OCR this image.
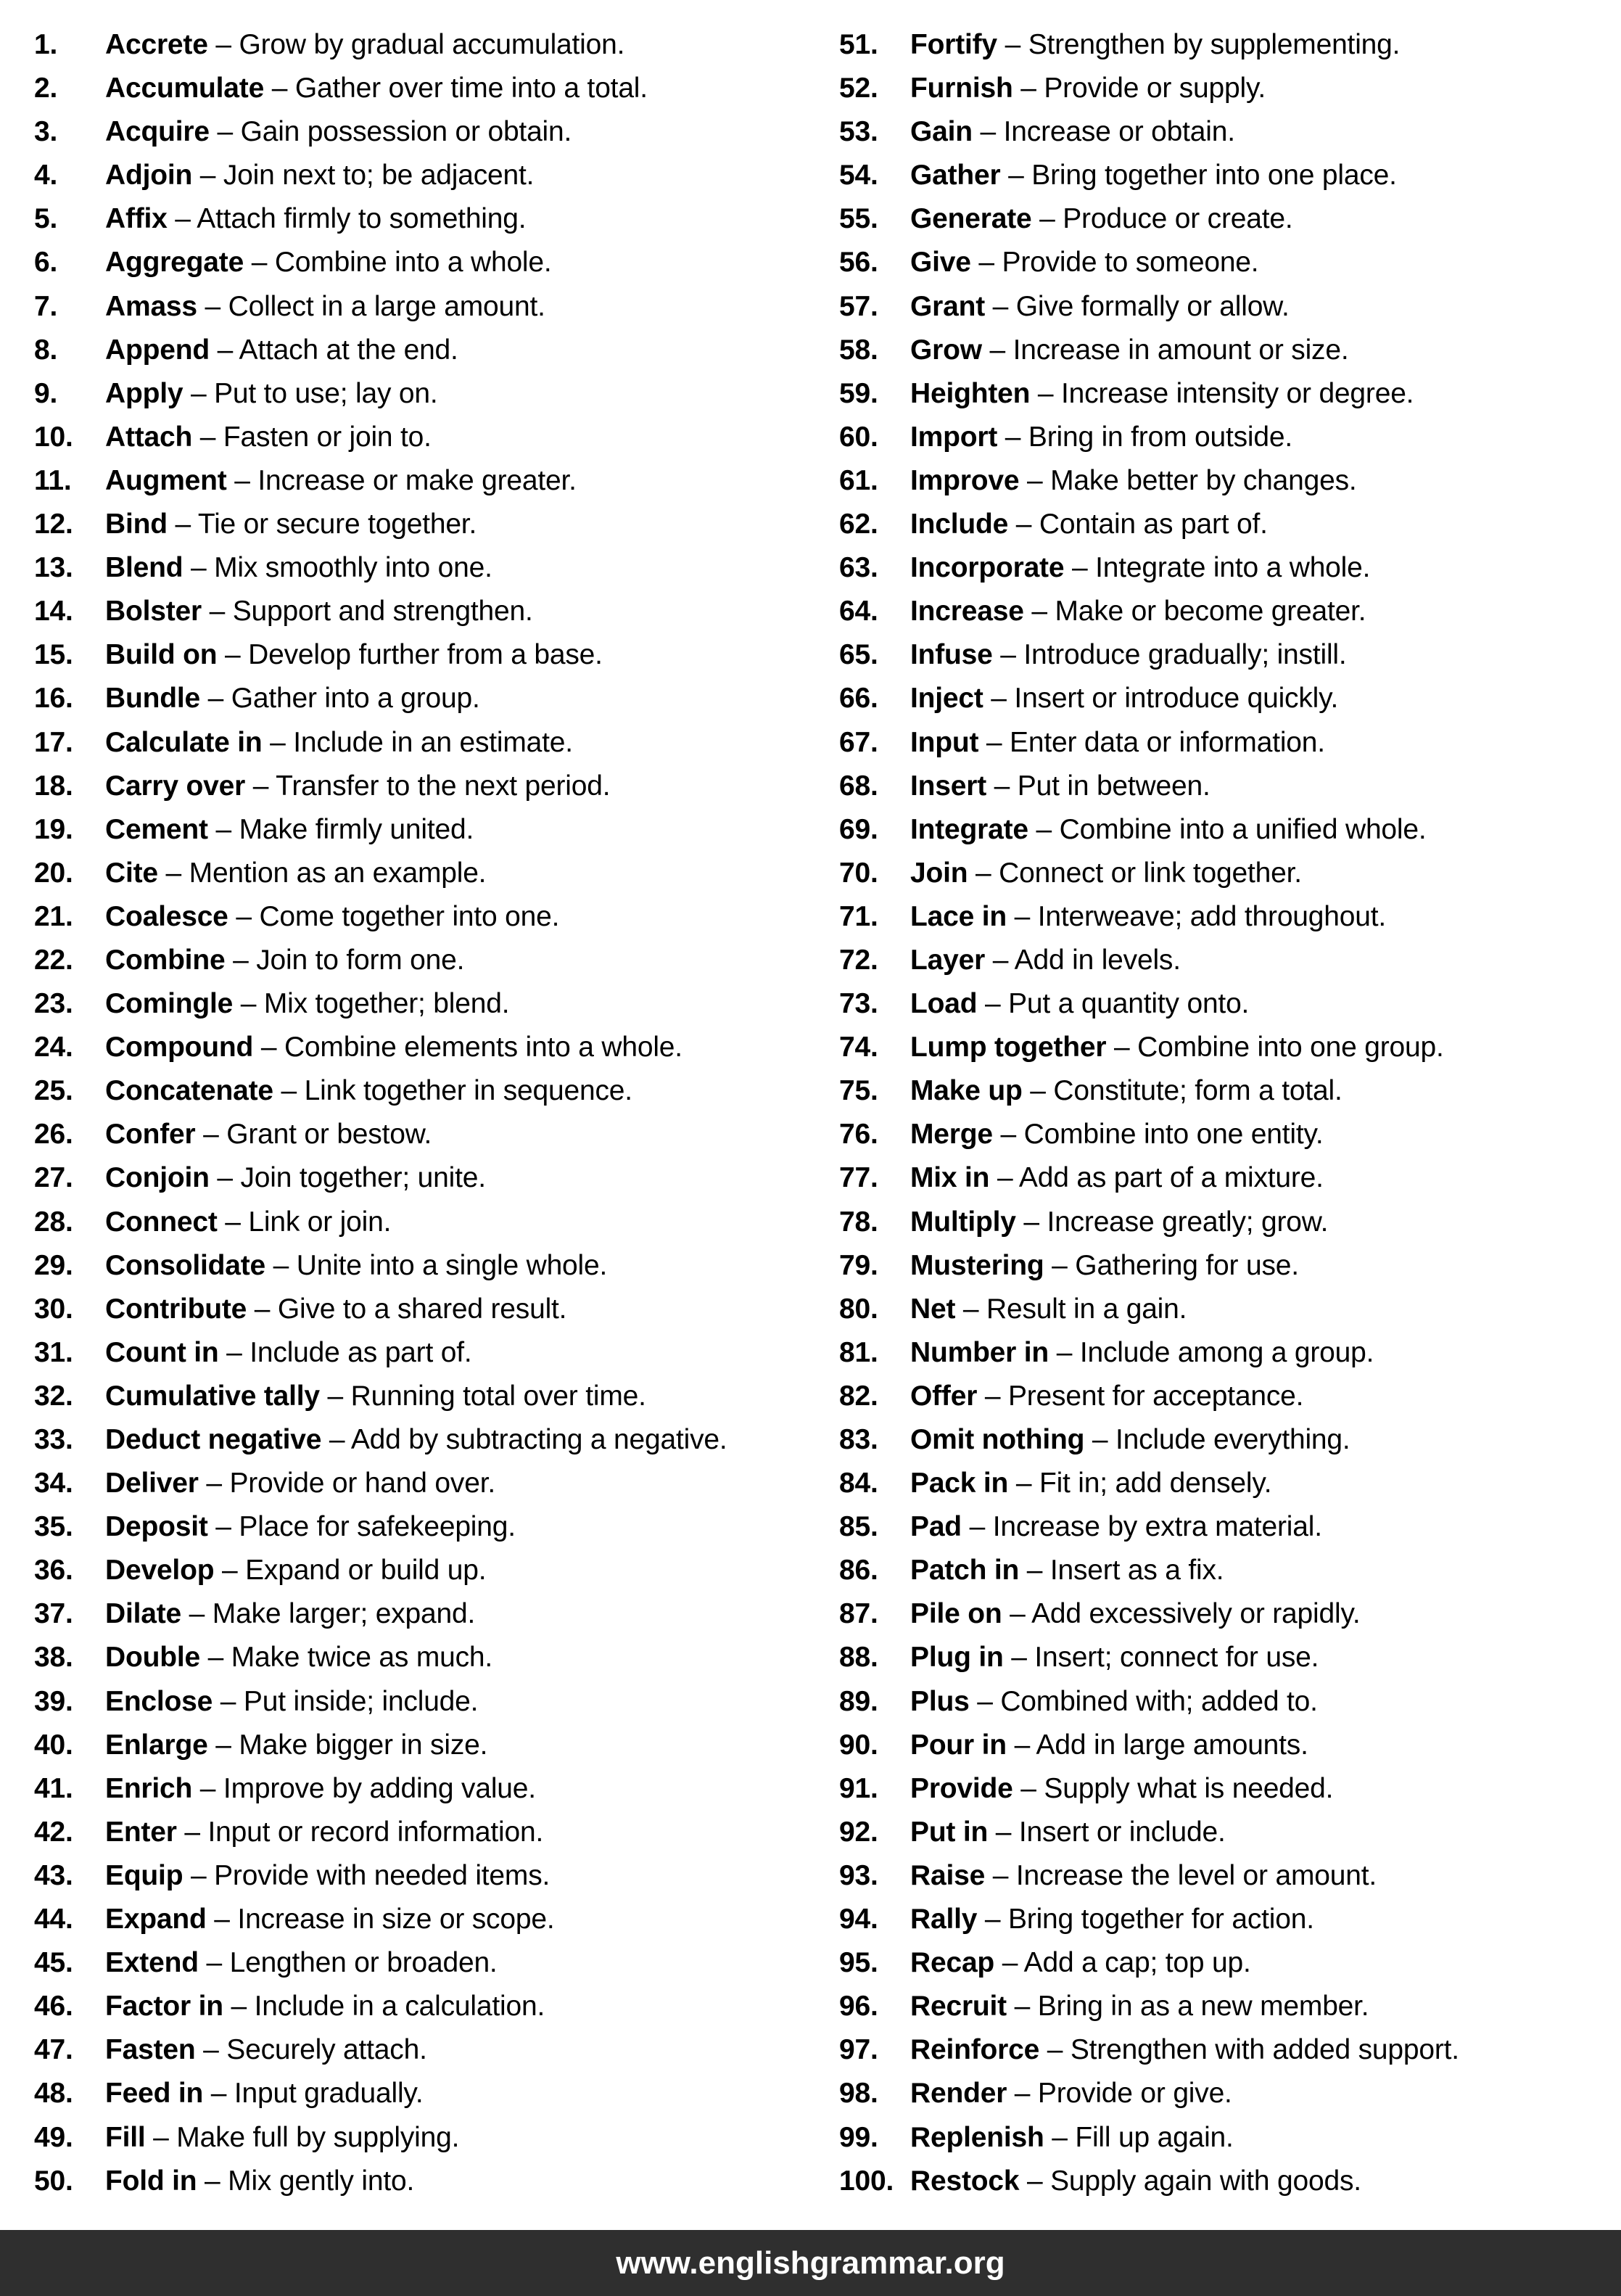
1.	Accrete – Grow by gradual accumulation.
2.	Accumulate – Gather over time into a total.
3.	Acquire – Gain possession or obtain.
4.	Adjoin – Join next to; be adjacent.
5.	Affix – Attach firmly to something.
6.	Aggregate – Combine into a whole.
7.	Amass – Collect in a large amount.
8.	Append – Attach at the end.
9.	Apply – Put to use; lay on.
10.	Attach – Fasten or join to.
11.	Augment – Increase or make greater.
12.	Bind – Tie or secure together.
13.	Blend – Mix smoothly into one.
14.	Bolster – Support and strengthen.
15.	Build on – Develop further from a base.
16.	Bundle – Gather into a group.
17.	Calculate in – Include in an estimate.
18.	Carry over – Transfer to the next period.
19.	Cement – Make firmly united.
20.	Cite – Mention as an example.
21.	Coalesce – Come together into one.
22.	Combine – Join to form one.
23.	Comingle – Mix together; blend.
24.	Compound – Combine elements into a whole.
25.	Concatenate – Link together in sequence.
26.	Confer – Grant or bestow.
27.	Conjoin – Join together; unite.
28.	Connect – Link or join.
29.	Consolidate – Unite into a single whole.
30.	Contribute – Give to a shared result.
31.	Count in – Include as part of.
32.	Cumulative tally – Running total over time.
33.	Deduct negative – Add by subtracting a negative.
34.	Deliver – Provide or hand over.
35.	Deposit – Place for safekeeping.
36.	Develop – Expand or build up.
37.	Dilate – Make larger; expand.
38.	Double – Make twice as much.
39.	Enclose – Put inside; include.
40.	Enlarge – Make bigger in size.
41.	Enrich – Improve by adding value.
42.	Enter – Input or record information.
43.	Equip – Provide with needed items.
44.	Expand – Increase in size or scope.
45.	Extend – Lengthen or broaden.
46.	Factor in – Include in a calculation.
47.	Fasten – Securely attach.
48.	Feed in – Input gradually.
49.	Fill – Make full by supplying.
50.	Fold in – Mix gently into.
51.	Fortify – Strengthen by supplementing.
52.	Furnish – Provide or supply.
53.	Gain – Increase or obtain.
54.	Gather – Bring together into one place.
55.	Generate – Produce or create.
56.	Give – Provide to someone.
57.	Grant – Give formally or allow.
58.	Grow – Increase in amount or size.
59.	Heighten – Increase intensity or degree.
60.	Import – Bring in from outside.
61.	Improve – Make better by changes.
62.	Include – Contain as part of.
63.	Incorporate – Integrate into a whole.
64.	Increase – Make or become greater.
65.	Infuse – Introduce gradually; instill.
66.	Inject – Insert or introduce quickly.
67.	Input – Enter data or information.
68.	Insert – Put in between.
69.	Integrate – Combine into a unified whole.
70.	Join – Connect or link together.
71.	Lace in – Interweave; add throughout.
72.	Layer – Add in levels.
73.	Load – Put a quantity onto.
74.	Lump together – Combine into one group.
75.	Make up – Constitute; form a total.
76.	Merge – Combine into one entity.
77.	Mix in – Add as part of a mixture.
78.	Multiply – Increase greatly; grow.
79.	Mustering – Gathering for use.
80.	Net – Result in a gain.
81.	Number in – Include among a group.
82.	Offer – Present for acceptance.
83.	Omit nothing – Include everything.
84.	Pack in – Fit in; add densely.
85.	Pad – Increase by extra material.
86.	Patch in – Insert as a fix.
87.	Pile on – Add excessively or rapidly.
88.	Plug in – Insert; connect for use.
89.	Plus – Combined with; added to.
90.	Pour in – Add in large amounts.
91.	Provide – Supply what is needed.
92.	Put in – Insert or include.
93.	Raise – Increase the level or amount.
94.	Rally – Bring together for action.
95.	Recap – Add a cap; top up.
96.	Recruit – Bring in as a new member.
97.	Reinforce – Strengthen with added support.
98.	Render – Provide or give.
99.	Replenish – Fill up again.
100. Restock – Supply again with goods.
www.englishgrammar.org
